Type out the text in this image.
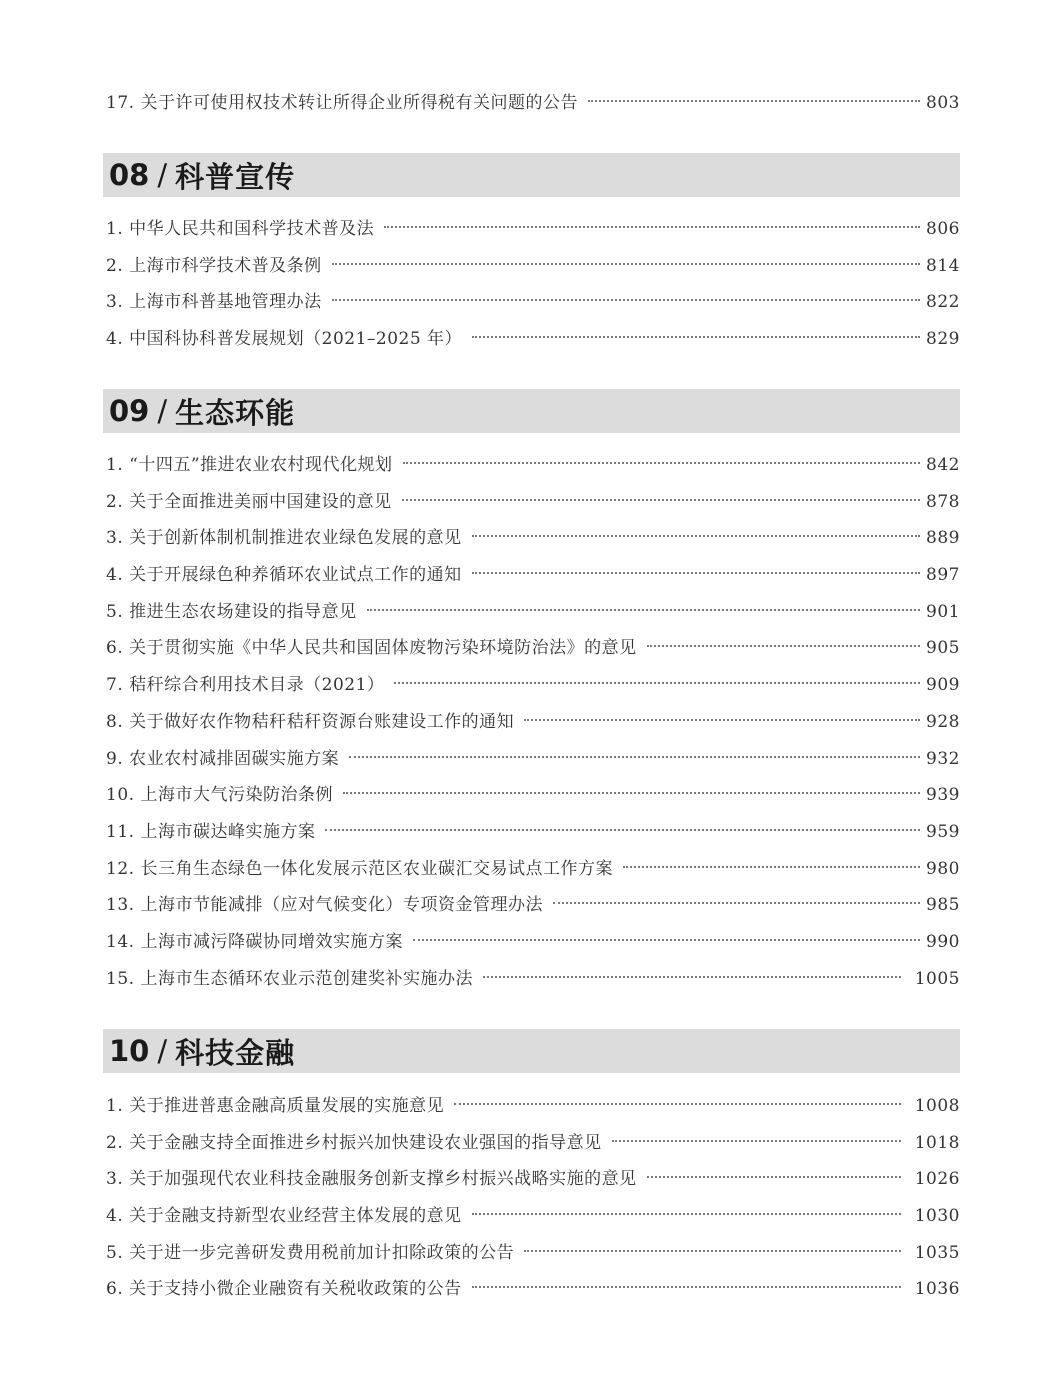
17. 关于许可使用权技术转让所得企业所得税有关问题的公告	803
08 / 科普宣传
1. 中华人民共和国科学技术普及法	806
2. 上海市科学技术普及条例	814
3. 上海市科普基地管理办法	822
4. 中国科协科普发展规划（2021–2025 年）	829
09 / 生态环能
1. “十四五”推进农业农村现代化规划	842
2. 关于全面推进美丽中国建设的意见	878
3. 关于创新体制机制推进农业绿色发展的意见	889
4. 关于开展绿色种养循环农业试点工作的通知	897
5. 推进生态农场建设的指导意见	901
6. 关于贯彻实施《中华人民共和国固体废物污染环境防治法》的意见	905
7. 秸秆综合利用技术目录（2021）	909
8. 关于做好农作物秸秆秸秆资源台账建设工作的通知	928
9. 农业农村减排固碳实施方案	932
10. 上海市大气污染防治条例	939
11. 上海市碳达峰实施方案	959
12. 长三角生态绿色一体化发展示范区农业碳汇交易试点工作方案	980
13. 上海市节能减排（应对气候变化）专项资金管理办法	985
14. 上海市减污降碳协同增效实施方案	990
15. 上海市生态循环农业示范创建奖补实施办法	1005
10 / 科技金融
1. 关于推进普惠金融高质量发展的实施意见	1008
2. 关于金融支持全面推进乡村振兴加快建设农业强国的指导意见	1018
3. 关于加强现代农业科技金融服务创新支撑乡村振兴战略实施的意见	1026
4. 关于金融支持新型农业经营主体发展的意见	1030
5. 关于进一步完善研发费用税前加计扣除政策的公告	1035
6. 关于支持小微企业融资有关税收政策的公告	1036
